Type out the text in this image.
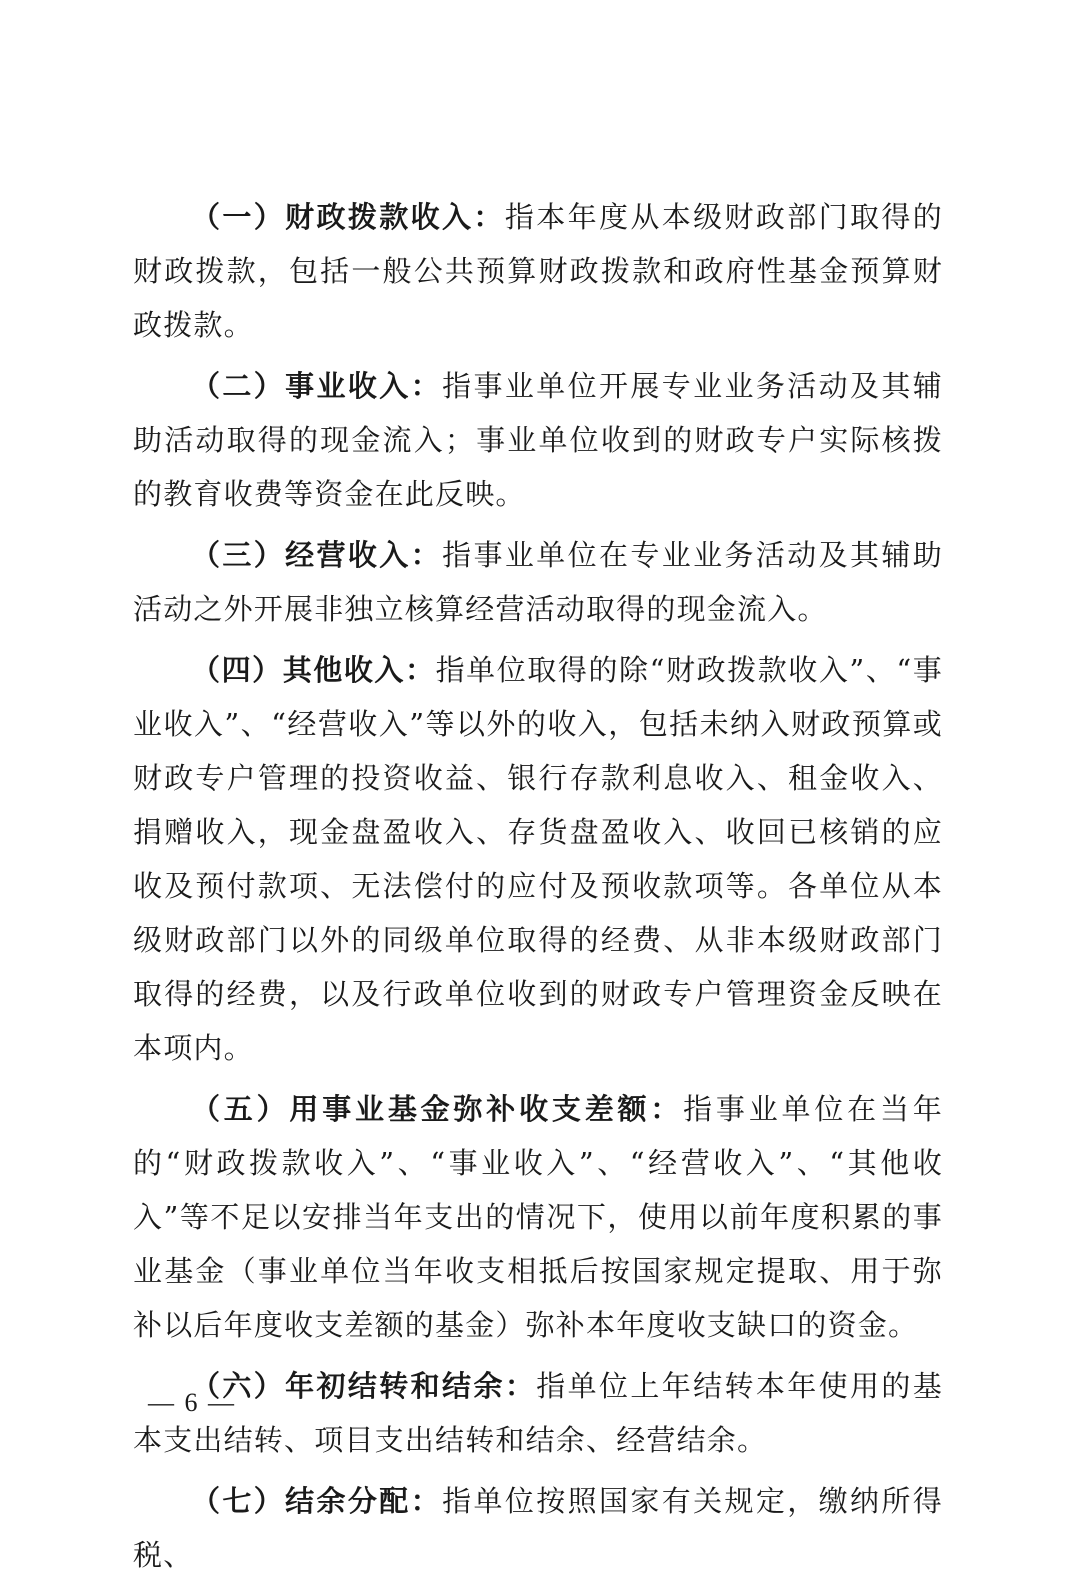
（一）财政拨款收入：指本年度从本级财政部门取得的财政拨款，包括一般公共预算财政拨款和政府性基金预算财政拨款。

（二）事业收入：指事业单位开展专业业务活动及其辅助活动取得的现金流入；事业单位收到的财政专户实际核拨的教育收费等资金在此反映。

（三）经营收入：指事业单位在专业业务活动及其辅助活动之外开展非独立核算经营活动取得的现金流入。

（四）其他收入：指单位取得的除“财政拨款收入”、“事业收入”、“经营收入”等以外的收入，包括未纳入财政预算或财政专户管理的投资收益、银行存款利息收入、租金收入、捐赠收入，现金盘盈收入、存货盘盈收入、收回已核销的应收及预付款项、无法偿付的应付及预收款项等。各单位从本级财政部门以外的同级单位取得的经费、从非本级财政部门取得的经费，以及行政单位收到的财政专户管理资金反映在本项内。

（五）用事业基金弥补收支差额：指事业单位在当年的“财政拨款收入”、“事业收入”、“经营收入”、“其他收入”等不足以安排当年支出的情况下，使用以前年度积累的事业基金（事业单位当年收支相抵后按国家规定提取、用于弥补以后年度收支差额的基金）弥补本年度收支缺口的资金。

（六）年初结转和结余：指单位上年结转本年使用的基本支出结转、项目支出结转和结余、经营结余。

（七）结余分配：指单位按照国家有关规定，缴纳所得税、

— 6 —
